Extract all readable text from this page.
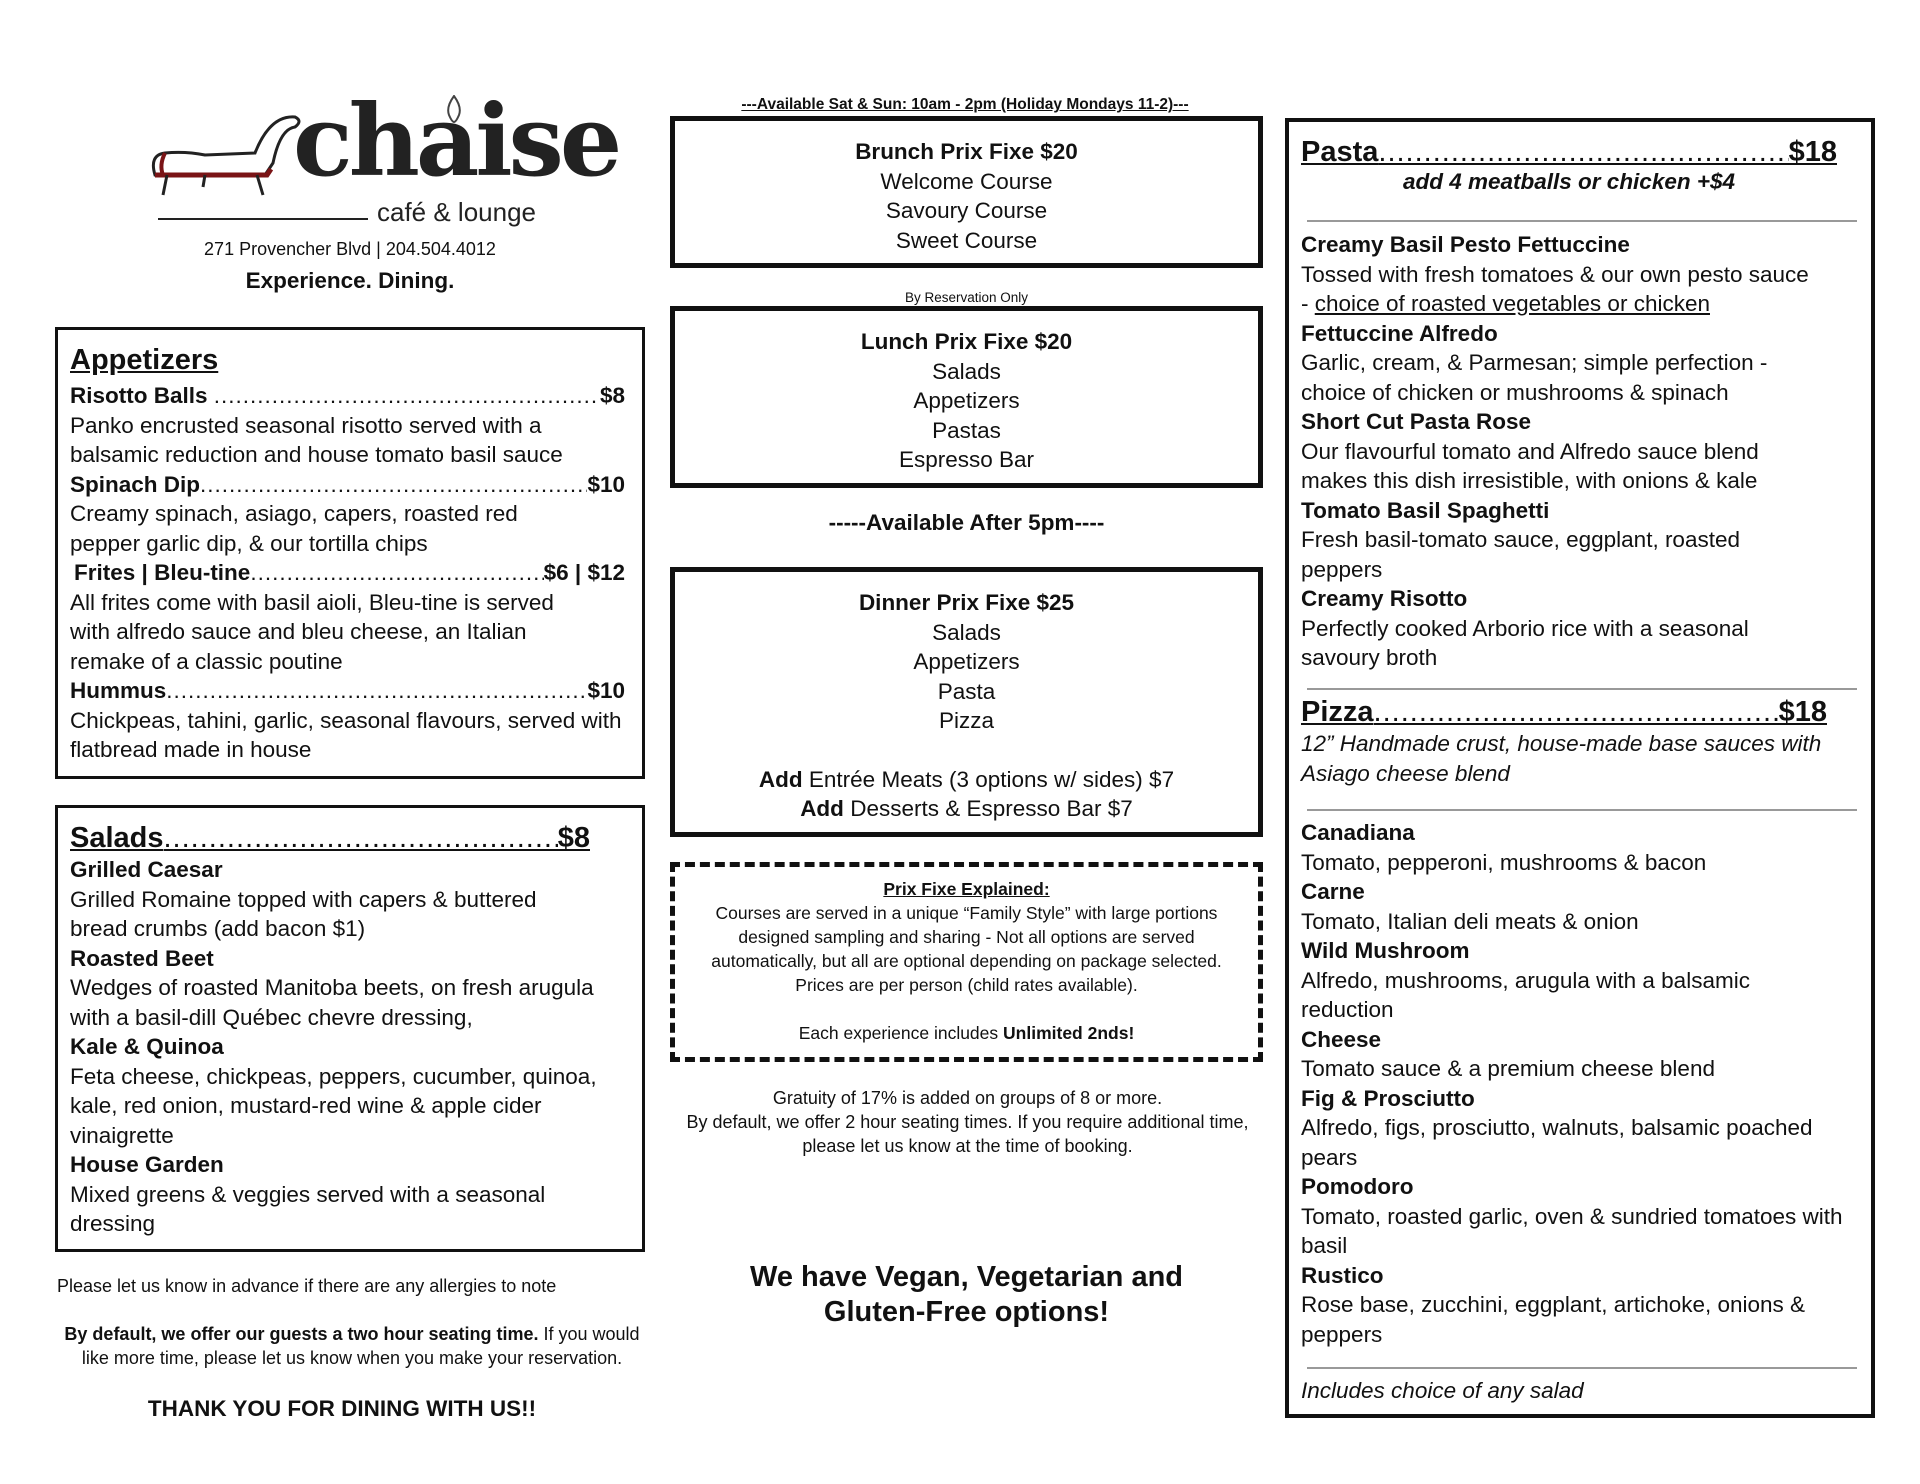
chaise
café & lounge
271 Provencher Blvd | 204.504.4012
Experience. Dining.
Appetizers
Risotto Balls
.....	$8
Panko encrusted seasonal risotto served with a balsamic reduction and house tomato basil sauce
Spinach Dip .....	$10
Creamy spinach, asiago, capers, roasted red pepper garlic dip, & our tortilla chips
Frites | Bleu-tine .....	$6 | $12
All frites come with basil aioli, Bleu-tine is served with alfredo sauce and bleu cheese, an Italian remake of a classic poutine
Hummus .....	$10
Chickpeas, tahini, garlic, seasonal flavours, served with flatbread made in house
Salads .....	$8
Grilled Caesar
Grilled Romaine topped with capers & buttered bread crumbs (add bacon $1)
Roasted Beet
Wedges of roasted Manitoba beets, on fresh arugula with a basil-dill Québec chevre dressing,
Kale & Quinoa
Feta cheese, chickpeas, peppers, cucumber, quinoa, kale, red onion, mustard-red wine & apple cider vinaigrette
House Garden
Mixed greens & veggies served with a seasonal dressing
Please let us know in advance if there are any allergies to note
By default, we offer our guests a two hour seating time. If you would like more time, please let us know when you make your reservation.
THANK YOU FOR DINING WITH US!!
---Available Sat & Sun: 10am - 2pm (Holiday Mondays 11-2)---
Brunch Prix Fixe $20
Welcome Course
Savoury Course
Sweet Course
By Reservation Only
Lunch Prix Fixe $20
Salads
Appetizers
Pastas
Espresso Bar
-----Available After 5pm----
Dinner Prix Fixe $25
Salads
Appetizers
Pasta
Pizza
Add Entrée Meats (3 options w/ sides) $7
Add Desserts & Espresso Bar $7
Prix Fixe Explained:
Courses are served in a unique “Family Style” with large portions designed sampling and sharing - Not all options are served automatically, but all are optional depending on package selected. Prices are per person (child rates available).
Each experience includes Unlimited 2nds!
Gratuity of 17% is added on groups of 8 or more.
By default, we offer 2 hour seating times. If you require additional time, please let us know at the time of booking.
We have Vegan, Vegetarian and
Gluten-Free options!
Pasta .....	$18
add 4 meatballs or chicken +$4
Creamy Basil Pesto Fettuccine
Tossed with fresh tomatoes & our own pesto sauce
- choice of roasted vegetables or chicken
Fettuccine Alfredo
Garlic, cream, & Parmesan; simple perfection - choice of chicken or mushrooms & spinach
Short Cut Pasta Rose
Our flavourful tomato and Alfredo sauce blend makes this dish irresistible, with onions & kale
Tomato Basil Spaghetti
Fresh basil-tomato sauce, eggplant, roasted peppers
Creamy Risotto
Perfectly cooked Arborio rice with a seasonal savoury broth
Pizza .....	$18
12” Handmade crust, house-made base sauces with Asiago cheese blend
Canadiana
Tomato, pepperoni, mushrooms & bacon
Carne
Tomato, Italian deli meats & onion
Wild Mushroom
Alfredo, mushrooms, arugula with a balsamic reduction
Cheese
Tomato sauce & a premium cheese blend
Fig & Prosciutto
Alfredo, figs, prosciutto, walnuts, balsamic poached pears
Pomodoro
Tomato, roasted garlic, oven & sundried tomatoes with basil
Rustico
Rose base, zucchini, eggplant, artichoke, onions & peppers
Includes choice of any salad
